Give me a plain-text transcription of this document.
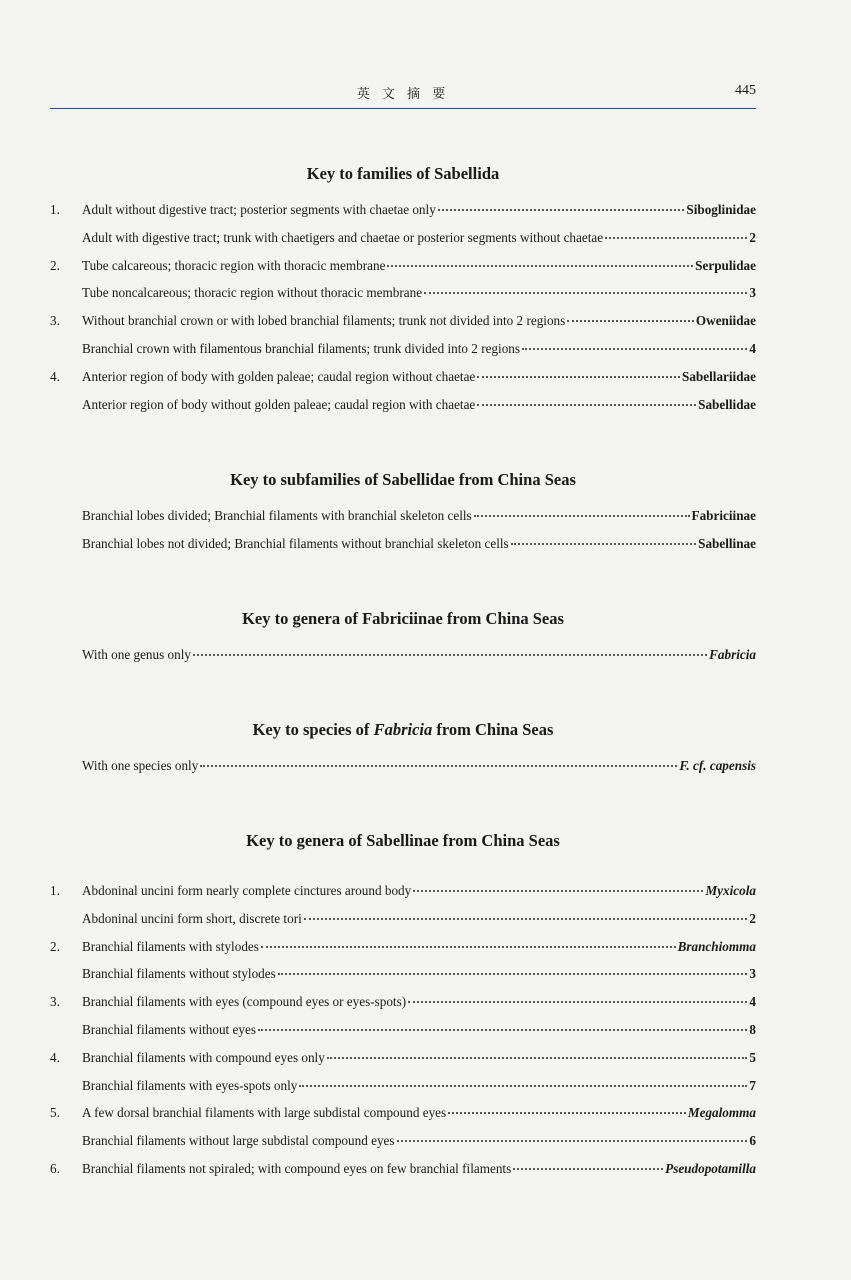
英 文 摘 要	445
Key to families of Sabellida
1.	Adult without digestive tract; posterior segments with chaetae only	Siboglinidae
Adult with digestive tract; trunk with chaetigers and chaetae or posterior segments without chaetae	2
2.	Tube calcareous; thoracic region with thoracic membrane	Serpulidae
Tube noncalcareous; thoracic region without thoracic membrane	3
3.	Without branchial crown or with lobed branchial filaments; trunk not divided into 2 regions	Oweniidae
Branchial crown with filamentous branchial filaments; trunk divided into 2 regions	4
4.	Anterior region of body with golden paleae; caudal region without chaetae	Sabellariidae
Anterior region of body without golden paleae; caudal region with chaetae	Sabellidae
Key to subfamilies of Sabellidae from China Seas
Branchial lobes divided; Branchial filaments with branchial skeleton cells	Fabriciinae
Branchial lobes not divided; Branchial filaments without branchial skeleton cells	Sabellinae
Key to genera of Fabriciinae from China Seas
With one genus only	Fabricia
Key to species of Fabricia from China Seas
With one species only	F. cf. capensis
Key to genera of Sabellinae from China Seas
1.	Abdoninal uncini form nearly complete cinctures around body	Myxicola
Abdoninal uncini form short, discrete tori	2
2.	Branchial filaments with stylodes	Branchiomma
Branchial filaments without stylodes	3
3.	Branchial filaments with eyes (compound eyes or eyes-spots)	4
Branchial filaments without eyes	8
4.	Branchial filaments with compound eyes only	5
Branchial filaments with eyes-spots only	7
5.	A few dorsal branchial filaments with large subdistal compound eyes	Megalomma
Branchial filaments without large subdistal compound eyes	6
6.	Branchial filaments not spiraled; with compound eyes on few branchial filaments	Pseudopotamilla
